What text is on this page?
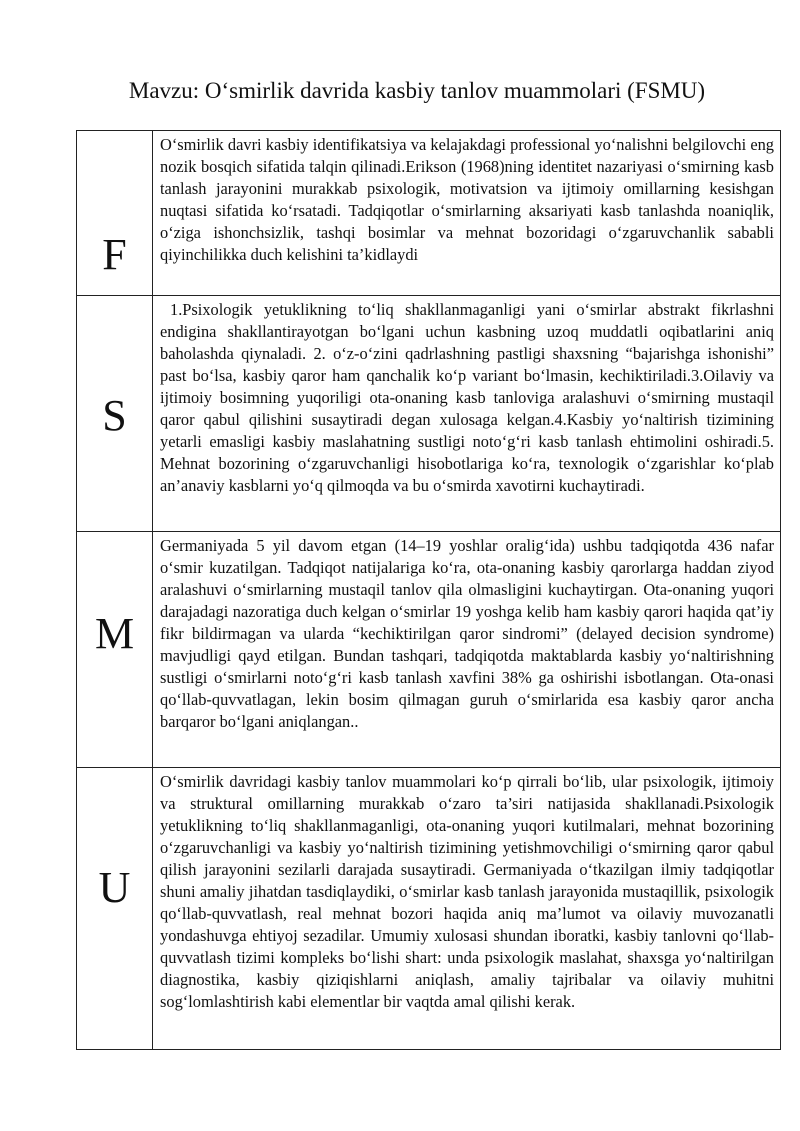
Mavzu: O‘smirlik davrida kasbiy tanlov muammolari (FSMU)
F	O‘smirlik davri kasbiy identifikatsiya va kelajakdagi professional yo‘nalishni belgilovchi eng nozik bosqich sifatida talqin qilinadi.Erikson (1968)ning identitet nazariyasi o‘smirning kasb tanlash jarayonini murakkab psixologik, motivatsion va ijtimoiy omillarning kesishgan nuqtasi sifatida ko‘rsatadi. Tadqiqotlar o‘smirlarning aksariyati kasb tanlashda noaniqlik, o‘ziga ishonchsizlik, tashqi bosimlar va mehnat bozoridagi o‘zgaruvchanlik sababli qiyinchilikka duch kelishini ta’kidlaydi

S	1.Psixologik yetuklikning to‘liq shakllanmaganligi yani o‘smirlar abstrakt fikrlashni endigina shakllantirayotgan bo‘lgani uchun kasbning uzoq muddatli oqibatlarini aniq baholashda qiynaladi. 2. o‘z-o‘zini qadrlashning pastligi shaxsning “bajarishga ishonishi” past bo‘lsa, kasbiy qaror ham qanchalik ko‘p variant bo‘lmasin, kechiktiriladi.3.Oilaviy va ijtimoiy bosimning yuqoriligi ota-onaning kasb tanloviga aralashuvi o‘smirning mustaqil qaror qabul qilishini susaytiradi degan xulosaga kelgan.4.Kasbiy yo‘naltirish tizimining yetarli emasligi kasbiy maslahatning sustligi noto‘g‘ri kasb tanlash ehtimolini oshiradi.5. Mehnat bozorining o‘zgaruvchanligi hisobotlarigа ko‘ra, texnologik o‘zgarishlar ko‘plab an’anaviy kasblarni yo‘q qilmoqda va bu o‘smirda xavotirni kuchaytiradi.

M	Germaniyada 5 yil davom etgan (14–19 yoshlar oralig‘ida) ushbu tadqiqotda 436 nafar o‘smir kuzatilgan. Tadqiqot natijalariga ko‘ra, ota-onaning kasbiy qarorlarga haddan ziyod aralashuvi o‘smirlarning mustaqil tanlov qila olmasligini kuchaytirgan. Ota-onaning yuqori darajadagi nazoratiga duch kelgan o‘smirlar 19 yoshga kelib ham kasbiy qarori haqida qat’iy fikr bildirmagan va ularda “kechiktirilgan qaror sindromi” (delayed decision syndrome) mavjudligi qayd etilgan. Bundan tashqari, tadqiqotda maktablarda kasbiy yo‘naltirishning sustligi o‘smirlarni noto‘g‘ri kasb tanlash xavfini 38% ga oshirishi isbotlangan. Ota-onasi qo‘llab-quvvatlagan, lekin bosim qilmagan guruh o‘smirlarida esa kasbiy qaror ancha barqaror bo‘lgani aniqlangan..

U	O‘smirlik davridagi kasbiy tanlov muammolari ko‘p qirrali bo‘lib, ular psixologik, ijtimoiy va struktural omillarning murakkab o‘zaro ta’siri natijasida shakllanadi.Psixologik yetuklikning to‘liq shakllanmaganligi, ota-onaning yuqori kutilmalari, mehnat bozorining o‘zgaruvchanligi va kasbiy yo‘naltirish tizimining yetishmovchiligi o‘smirning qaror qabul qilish jarayonini sezilarli darajada susaytiradi. Germaniyada o‘tkazilgan ilmiy tadqiqotlar shuni amaliy jihatdan tasdiqlaydiki, o‘smirlar kasb tanlash jarayonida mustaqillik, psixologik qo‘llab-quvvatlash, real mehnat bozori haqida aniq ma’lumot va oilaviy muvozanatli yondashuvga ehtiyoj sezadilar. Umumiy xulosasi shundan iboratki, kasbiy tanlovni qo‘llab-quvvatlash tizimi kompleks bo‘lishi shart: unda psixologik maslahat, shaxsga yo‘naltirilgan diagnostika, kasbiy qiziqishlarni aniqlash, amaliy tajribalar va oilaviy muhitni sog‘lomlashtirish kabi elementlar bir vaqtda amal qilishi kerak.
